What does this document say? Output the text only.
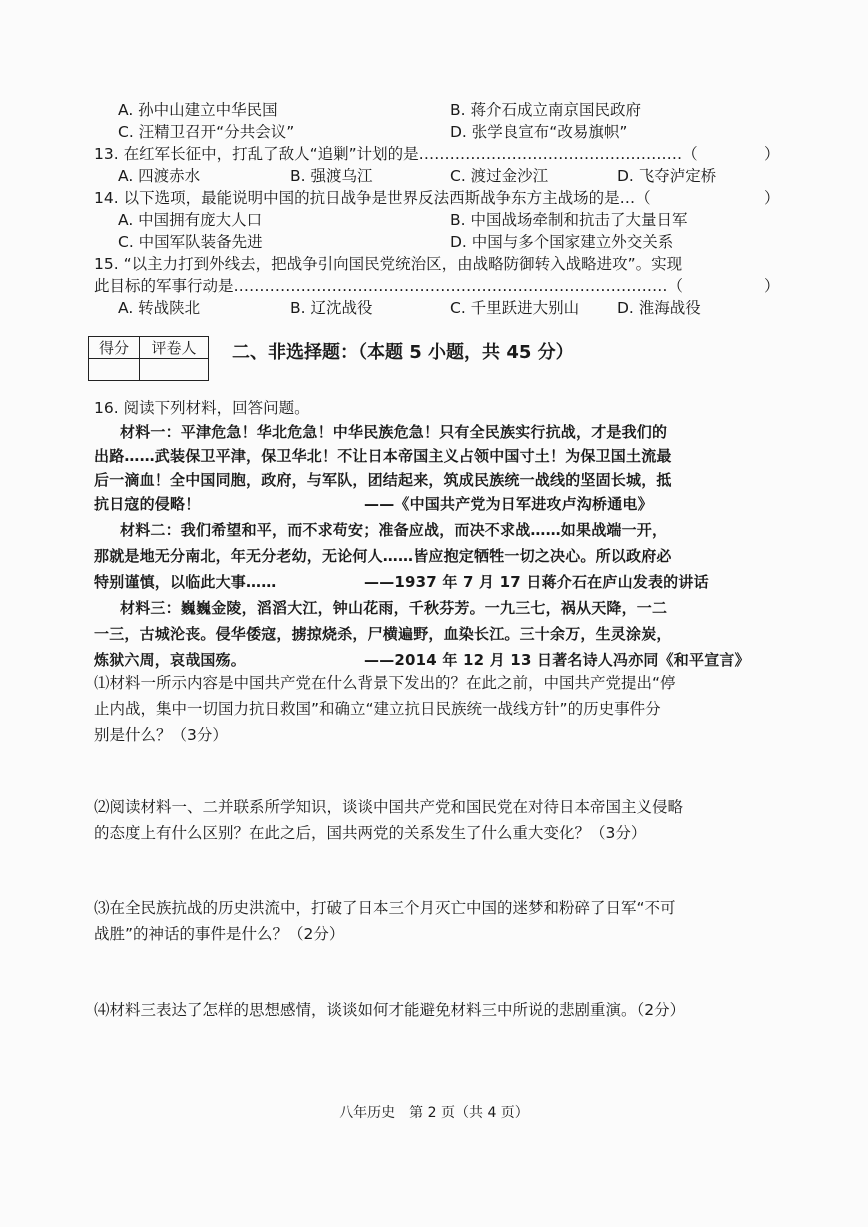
A. 孙中山建立中华民国	B. 蒋介石成立南京国民政府
C. 汪精卫召开“分共会议”	D. 张学良宣布“改易旗帜”
13. 在红军长征中，打乱了敌人“追剿”计划的是……………………………………………（	）
A. 四渡赤水	B. 强渡乌江	C. 渡过金沙江	D. 飞夺泸定桥
14. 以下选项，最能说明中国的抗日战争是世界反法西斯战争东方主战场的是…（	）
A. 中国拥有庞大人口	B. 中国战场牵制和抗击了大量日军
C. 中国军队装备先进	D. 中国与多个国家建立外交关系
15. “以主力打到外线去，把战争引向国民党统治区，由战略防御转入战略进攻”。实现
此目标的军事行动是…………………………………………………………………………（	）
A. 转战陕北	B. 辽沈战役	C. 千里跃进大别山 D. 淮海战役
得分	评卷人
	二、非选择题：（本题 5 小题，共 45 分）
16. 阅读下列材料，回答问题。
材料一：平津危急！华北危急！中华民族危急！只有全民族实行抗战，才是我们的
出路……武装保卫平津，保卫华北！不让日本帝国主义占领中国寸土！为保卫国土流最
后一滴血！全中国同胞，政府，与军队，团结起来，筑成民族统一战线的坚固长城，抵
抗日寇的侵略！	——《中国共产党为日军进攻卢沟桥通电》
材料二：我们希望和平，而不求苟安；准备应战，而决不求战……如果战端一开，
那就是地无分南北，年无分老幼，无论何人……皆应抱定牺牲一切之决心。所以政府必
特别谨慎，以临此大事……	——1937 年 7 月 17 日蒋介石在庐山发表的讲话
材料三：巍巍金陵，滔滔大江，钟山花雨，千秋芬芳。一九三七，祸从天降，一二
一三，古城沦丧。侵华倭寇，掳掠烧杀，尸横遍野，血染长江。三十余万，生灵涂炭，
炼狱六周，哀哉国殇。	——2014 年 12 月 13 日著名诗人冯亦同《和平宣言》
⑴材料一所示内容是中国共产党在什么背景下发出的？在此之前，中国共产党提出“停
止内战，集中一切国力抗日救国”和确立“建立抗日民族统一战线方针”的历史事件分
别是什么？（3分）
⑵阅读材料一、二并联系所学知识，谈谈中国共产党和国民党在对待日本帝国主义侵略
的态度上有什么区别？在此之后，国共两党的关系发生了什么重大变化？（3分）
⑶在全民族抗战的历史洪流中，打破了日本三个月灭亡中国的迷梦和粉碎了日军“不可
战胜”的神话的事件是什么？（2分）
⑷材料三表达了怎样的思想感情，谈谈如何才能避免材料三中所说的悲剧重演。（2分）
八年历史　第 2 页（共 4 页）
